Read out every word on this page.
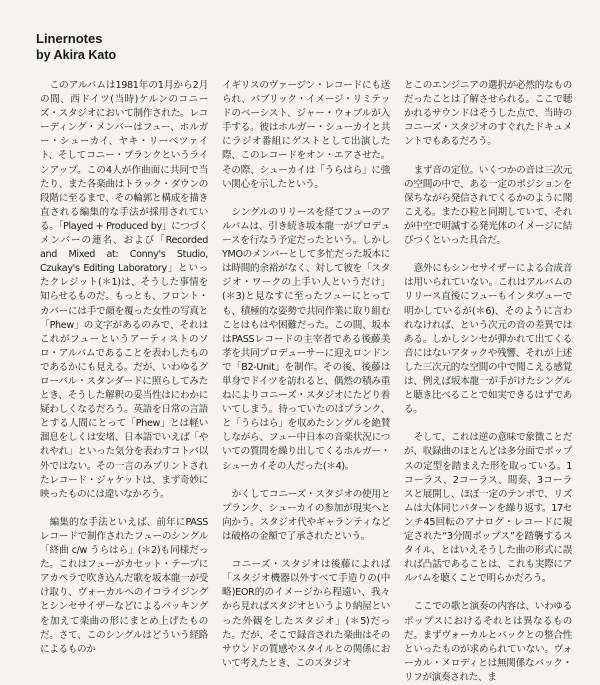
Linernotes
by Akira Kato

このアルバムは1981年の1月から2月の間、西ドイツ(当時)ケルンのコニーズ・スタジオにおいて制作された。レコーディング・メンバーはフュー、ホルガー・シューカイ、ヤキ・リーベツァイト、そしてコニー・プランクというラインアップ。この4人が作曲面に共同で当たり、また各楽曲はトラック・ダウンの段階に至るまで、その輪郭と構成を描き直される編集的な手法が採用されている。「Played + Produced by」につづくメンバーの連名、および「Recorded and Mixed at: Conny's Studio, Czukay's Editing Laboratory」といったクレジット(＊1)は、そうした事情を知らせるものだ。もっとも、フロント・カバーには手で顔を覆った女性の写真と「Phew」の文字があるのみで、それはこれがフューというアーティストのソロ・アルバムであることを表わしたものであるかにも見える。だが、いわゆるグローバル・スタンダードに照らしてみたとき、そうした解釈の妥当性はにわかに疑わしくなるだろう。英語を日常の言語とする人間にとって「Phew」とは軽い溜息をしくは安堵、日本語でいえば「やれやれ」といった気分を表わすコトバ以外ではない。その一言のみプリントされたレコード・ジャケットは、まず奇妙に映ったものには違いなかろう。

編集的な手法といえば、前年にPASSレコードで制作されたフューのシングル「終曲 c/w うらはら」(＊2)も同様だった。これはフューがカセット・テープにアカペラで吹き込んだ歌を坂本龍一が受け取り、ヴォーカルへのイコライジングとシンセサイザーなどによるバッキングを加えて楽曲の形にまとめ上げたものだ。さて、このシングルはどういう経路によるものか

イギリスのヴァージン・レコードにも送られ、パブリック・イメージ・リミテッドのベーシスト、ジャー・ウォブルが入手する。彼はホルガー・シューカイと共にラジオ番組にゲストとして出演した際、このレコードをオン・エアさせた。その際、シューカイは「うらはら」に強い関心を示したという。

シングルのリリースを経てフューのアルバムは、引き続き坂本龍一がプロデュースを行なう予定だったという。しかしYMOのメンバーとして多忙だった坂本には時間的余裕がなく、対して彼を「スタジオ・ワークの上手い人というだけ」(＊3)と見なすに至ったフューにとっても、積極的な姿勢で共同作業に取り組むことはもはや困難だった。この間、坂本はPASSレコードの主宰者である後藤美孝を共同プロデューサーに迎えロンドンで「B2-Unit」を制作。その後、後藤は単身でドイツを訪れると、偶然の積み重ねによりコニーズ・スタジオにたどり着いてしまう。待っていたのはプランク、と「うらはら」を収めたシングルを絶賛しながら、フュー中日本の音楽状況についての質問を繰り出してくるホルガー・シューカイその人だった(＊4)。

かくしてコニーズ・スタジオの使用とプランク、シューカイの参加が現実へと向かう。スタジオ代やギャランティなどは破格の金額で了承されたという。

コニーズ・スタジオは後藤によれば「スタジオ機器以外すべて手造りの(中略)EOR的のイメージから程遠い、我々から見ればスタジオというより納屋といった外観をしたスタジオ」(＊5)だった。だが、そこで録音された楽曲はそのサウンドの質感やスタイルとの関係において考えたとき、このスタジオ

とこのエンジニアの選択が必然的なものだったことは了解させられる。ここで聴かれるサウンドはそうした点で、当時のコニーズ・スタジオのすぐれたドキュメントでもあるだろう。

まず音の定位。いくつかの音は三次元の空間の中で、ある一定のポジションを保ちながら発信されてくるかのように聞こえる。またひ粒と同期していて、それが中空で明滅する発光体のイメージに結びつくといった具合だ。

意外にもシンセサイザーによる合成音は用いられていない。これはアルバムのリリース直後にフューもインタヴューで明かしているが(＊6)、そのように言われなければ、という次元の音の差異ではある。しかしシンセが弾かれて出てくる音にはないアタックや残響、それが上述した三次元的な空間の中で聞こえる感覚は、例えば坂本龍一が手がけたシングルと聴き比べることで如実できるはずである。

そして、これは逆の意味で象徴ことだが、収録曲のほとんどは多分面でポップスの定型を踏まえた形を取っている。1コーラス、2コーラス、間奏、3コーラスと展開し、ほぼ一定のテンポで、リズムは大体同じパターンを繰り返す。17センチ45回転のアナログ・レコードに規定された“3分間ポップス”を踏襲するスタイル、とはいえそうした曲の形式に誤れば凸話であることは、これも実際にアルバムを聴くことで明らかだろう。

ここでの歌と演奏の内容は、いわゆるポップスにおけるそれとは異なるものだ。まずヴォーカルとバックとの整合性といったものが求められていない。ヴォーカル・メロディとは無関係なバック・リフが演奏された、ま
